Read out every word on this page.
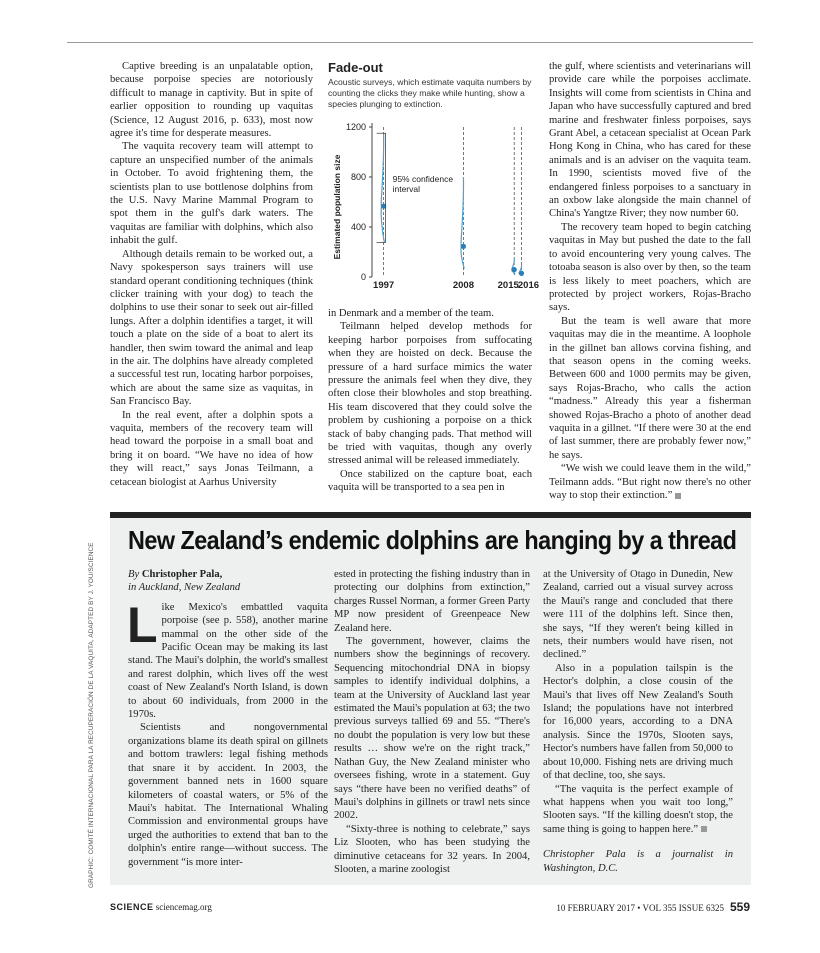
Captive breeding is an unpalatable option, because porpoise species are notoriously difficult to manage in captivity. But in spite of earlier opposition to rounding up vaquitas (Science, 12 August 2016, p. 633), most now agree it's time for desperate measures.

The vaquita recovery team will attempt to capture an unspecified number of the animals in October. To avoid frightening them, the scientists plan to use bottlenose dolphins from the U.S. Navy Marine Mammal Program to spot them in the gulf's dark waters. The vaquitas are familiar with dolphins, which also inhabit the gulf.

Although details remain to be worked out, a Navy spokesperson says trainers will use standard operant conditioning techniques (think clicker training with your dog) to teach the dolphins to use their sonar to seek out air-filled lungs. After a dolphin identifies a target, it will touch a plate on the side of a boat to alert its handler, then swim toward the animal and leap in the air. The dolphins have already completed a successful test run, locating harbor porpoises, which are about the same size as vaquitas, in San Francisco Bay.

In the real event, after a dolphin spots a vaquita, members of the recovery team will head toward the porpoise in a small boat and bring it on board. “We have no idea of how they will react,” says Jonas Teilmann, a cetacean biologist at Aarhus University

Fade-out

Acoustic surveys, which estimate vaquita numbers by counting the clicks they make while hunting, show a species plunging to extinction.

Estimated population size
0
400
800
1200
1997	2008 2015 2016
95% confidence
interval

in Denmark and a member of the team.

Teilmann helped develop methods for keeping harbor porpoises from suffocating when they are hoisted on deck. Because the pressure of a hard surface mimics the water pressure the animals feel when they dive, they often close their blowholes and stop breathing. His team discovered that they could solve the problem by cushioning a porpoise on a thick stack of baby changing pads. That method will be tried with vaquitas, though any overly stressed animal will be released immediately.

Once stabilized on the capture boat, each vaquita will be transported to a sea pen in

the gulf, where scientists and veterinarians will provide care while the porpoises acclimate. Insights will come from scientists in China and Japan who have successfully captured and bred marine and freshwater finless porpoises, says Grant Abel, a cetacean specialist at Ocean Park Hong Kong in China, who has cared for these animals and is an adviser on the vaquita team. In 1990, scientists moved five of the endangered finless porpoises to a sanctuary in an oxbow lake alongside the main channel of China's Yangtze River; they now number 60.

The recovery team hoped to begin catching vaquitas in May but pushed the date to the fall to avoid encountering very young calves. The totoaba season is also over by then, so the team is less likely to meet poachers, which are protected by project workers, Rojas-Bracho says.

But the team is well aware that more vaquitas may die in the meantime. A loophole in the gillnet ban allows corvina fishing, and that season opens in the coming weeks. Between 600 and 1000 permits may be given, says Rojas-Bracho, who calls the action “madness.” Already this year a fisherman showed Rojas-Bracho a photo of another dead vaquita in a gillnet. “If there were 30 at the end of last summer, there are probably fewer now,” he says.

“We wish we could leave them in the wild,” Teilmann adds. “But right now there's no other way to stop their extinction.”

New Zealand’s endemic dolphins are hanging by a thread

By Christopher Pala,

in Auckland, New Zealand

Like Mexico's embattled vaquita porpoise (see p. 558), another marine mammal on the other side of the Pacific Ocean may be making its last stand. The Maui's dolphin, the world's smallest and rarest dolphin, which lives off the west coast of New Zealand's North Island, is down to about 60 individuals, from 2000 in the 1970s.

Scientists and nongovernmental organizations blame its death spiral on gillnets and bottom trawlers: legal fishing methods that snare it by accident. In 2003, the government banned nets in 1600 square kilometers of coastal waters, or 5% of the Maui's habitat. The International Whaling Commission and environmental groups have urged the authorities to extend that ban to the dolphin's entire range—without success. The government “is more inter-

ested in protecting the fishing industry than in protecting our dolphins from extinction,” charges Russel Norman, a former Green Party MP now president of Greenpeace New Zealand here.

The government, however, claims the numbers show the beginnings of recovery. Sequencing mitochondrial DNA in biopsy samples to identify individual dolphins, a team at the University of Auckland last year estimated the Maui's population at 63; the two previous surveys tallied 69 and 55. “There's no doubt the population is very low but these results … show we're on the right track,” Nathan Guy, the New Zealand minister who oversees fishing, wrote in a statement. Guy says “there have been no verified deaths” of Maui's dolphins in gillnets or trawl nets since 2002.

“Sixty-three is nothing to celebrate,” says Liz Slooten, who has been studying the diminutive cetaceans for 32 years. In 2004, Slooten, a marine zoologist

at the University of Otago in Dunedin, New Zealand, carried out a visual survey across the Maui's range and concluded that there were 111 of the dolphins left. Since then, she says, “If they weren't being killed in nets, their numbers would have risen, not declined.”

Also in a population tailspin is the Hector's dolphin, a close cousin of the Maui's that lives off New Zealand's South Island; the populations have not interbred for 16,000 years, according to a DNA analysis. Since the 1970s, Slooten says, Hector's numbers have fallen from 50,000 to about 10,000. Fishing nets are driving much of that decline, too, she says.

“The vaquita is the perfect example of what happens when you wait too long,” Slooten says. “If the killing doesn't stop, the same thing is going to happen here.”

Christopher Pala is a journalist in Washington, D.C.

GRAPHIC: COMITÉ INTERNACIONAL PARA LA RECUPERACIÓN DE LA VAQUITA, ADAPTED BY J. YOU/SCIENCE
SCIENCE sciencemag.org	10 FEBRUARY 2017 • VOL 355 ISSUE 6325 559
